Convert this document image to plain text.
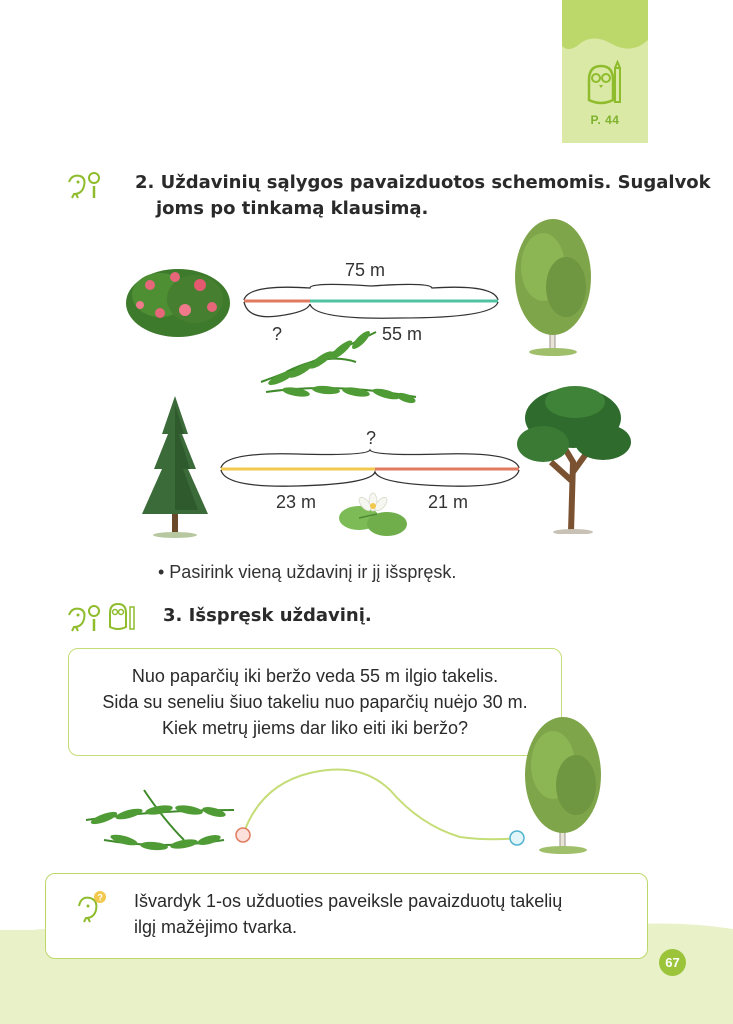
P. 44
2. Uždavinių sąlygos pavaizduotos schemomis. Sugalvok
joms po tinkamą klausimą.
75 m
?	55 m
?
23 m	21 m
• Pasirink vieną uždavinį ir jį išspręsk.
3. Išspręsk uždavinį.
Nuo paparčių iki beržo veda 55 m ilgio takelis.
Sida su seneliu šiuo takeliu nuo paparčių nuėjo 30 m.
Kiek metrų jiems dar liko eiti iki beržo?
? Išvardyk 1-os užduoties paveiksle pavaizduotų takelių
ilgį mažėjimo tvarka.
67
